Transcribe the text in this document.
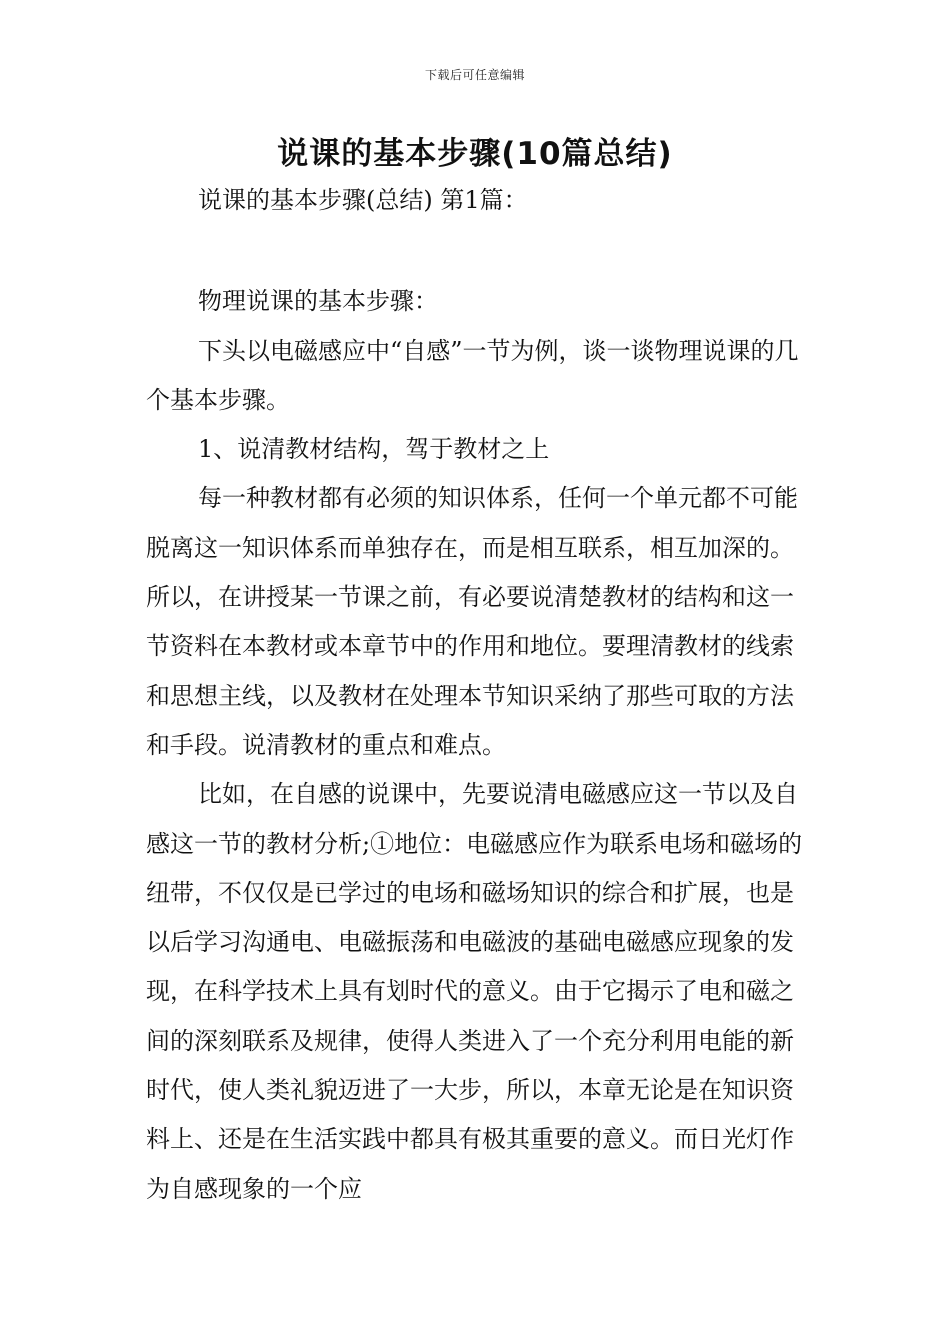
下载后可任意编辑
说课的基本步骤(10篇总结)

说课的基本步骤(总结) 第1篇：

物理说课的基本步骤：

下头以电磁感应中“自感”一节为例，谈一谈物理说课的几个基本步骤。

1、说清教材结构，驾于教材之上

每一种教材都有必须的知识体系，任何一个单元都不可能脱离这一知识体系而单独存在，而是相互联系，相互加深的。所以，在讲授某一节课之前，有必要说清楚教材的结构和这一节资料在本教材或本章节中的作用和地位。要理清教材的线索和思想主线，以及教材在处理本节知识采纳了那些可取的方法和手段。说清教材的重点和难点。

比如，在自感的说课中，先要说清电磁感应这一节以及自感这一节的教材分析;①地位：电磁感应作为联系电场和磁场的纽带，不仅仅是已学过的电场和磁场知识的综合和扩展，也是以后学习沟通电、电磁振荡和电磁波的基础电磁感应现象的发现，在科学技术上具有划时代的意义。由于它揭示了电和磁之间的深刻联系及规律，使得人类进入了一个充分利用电能的新时代，使人类礼貌迈进了一大步，所以，本章无论是在知识资料上、还是在生活实践中都具有极其重要的意义。而日光灯作为自感现象的一个应
